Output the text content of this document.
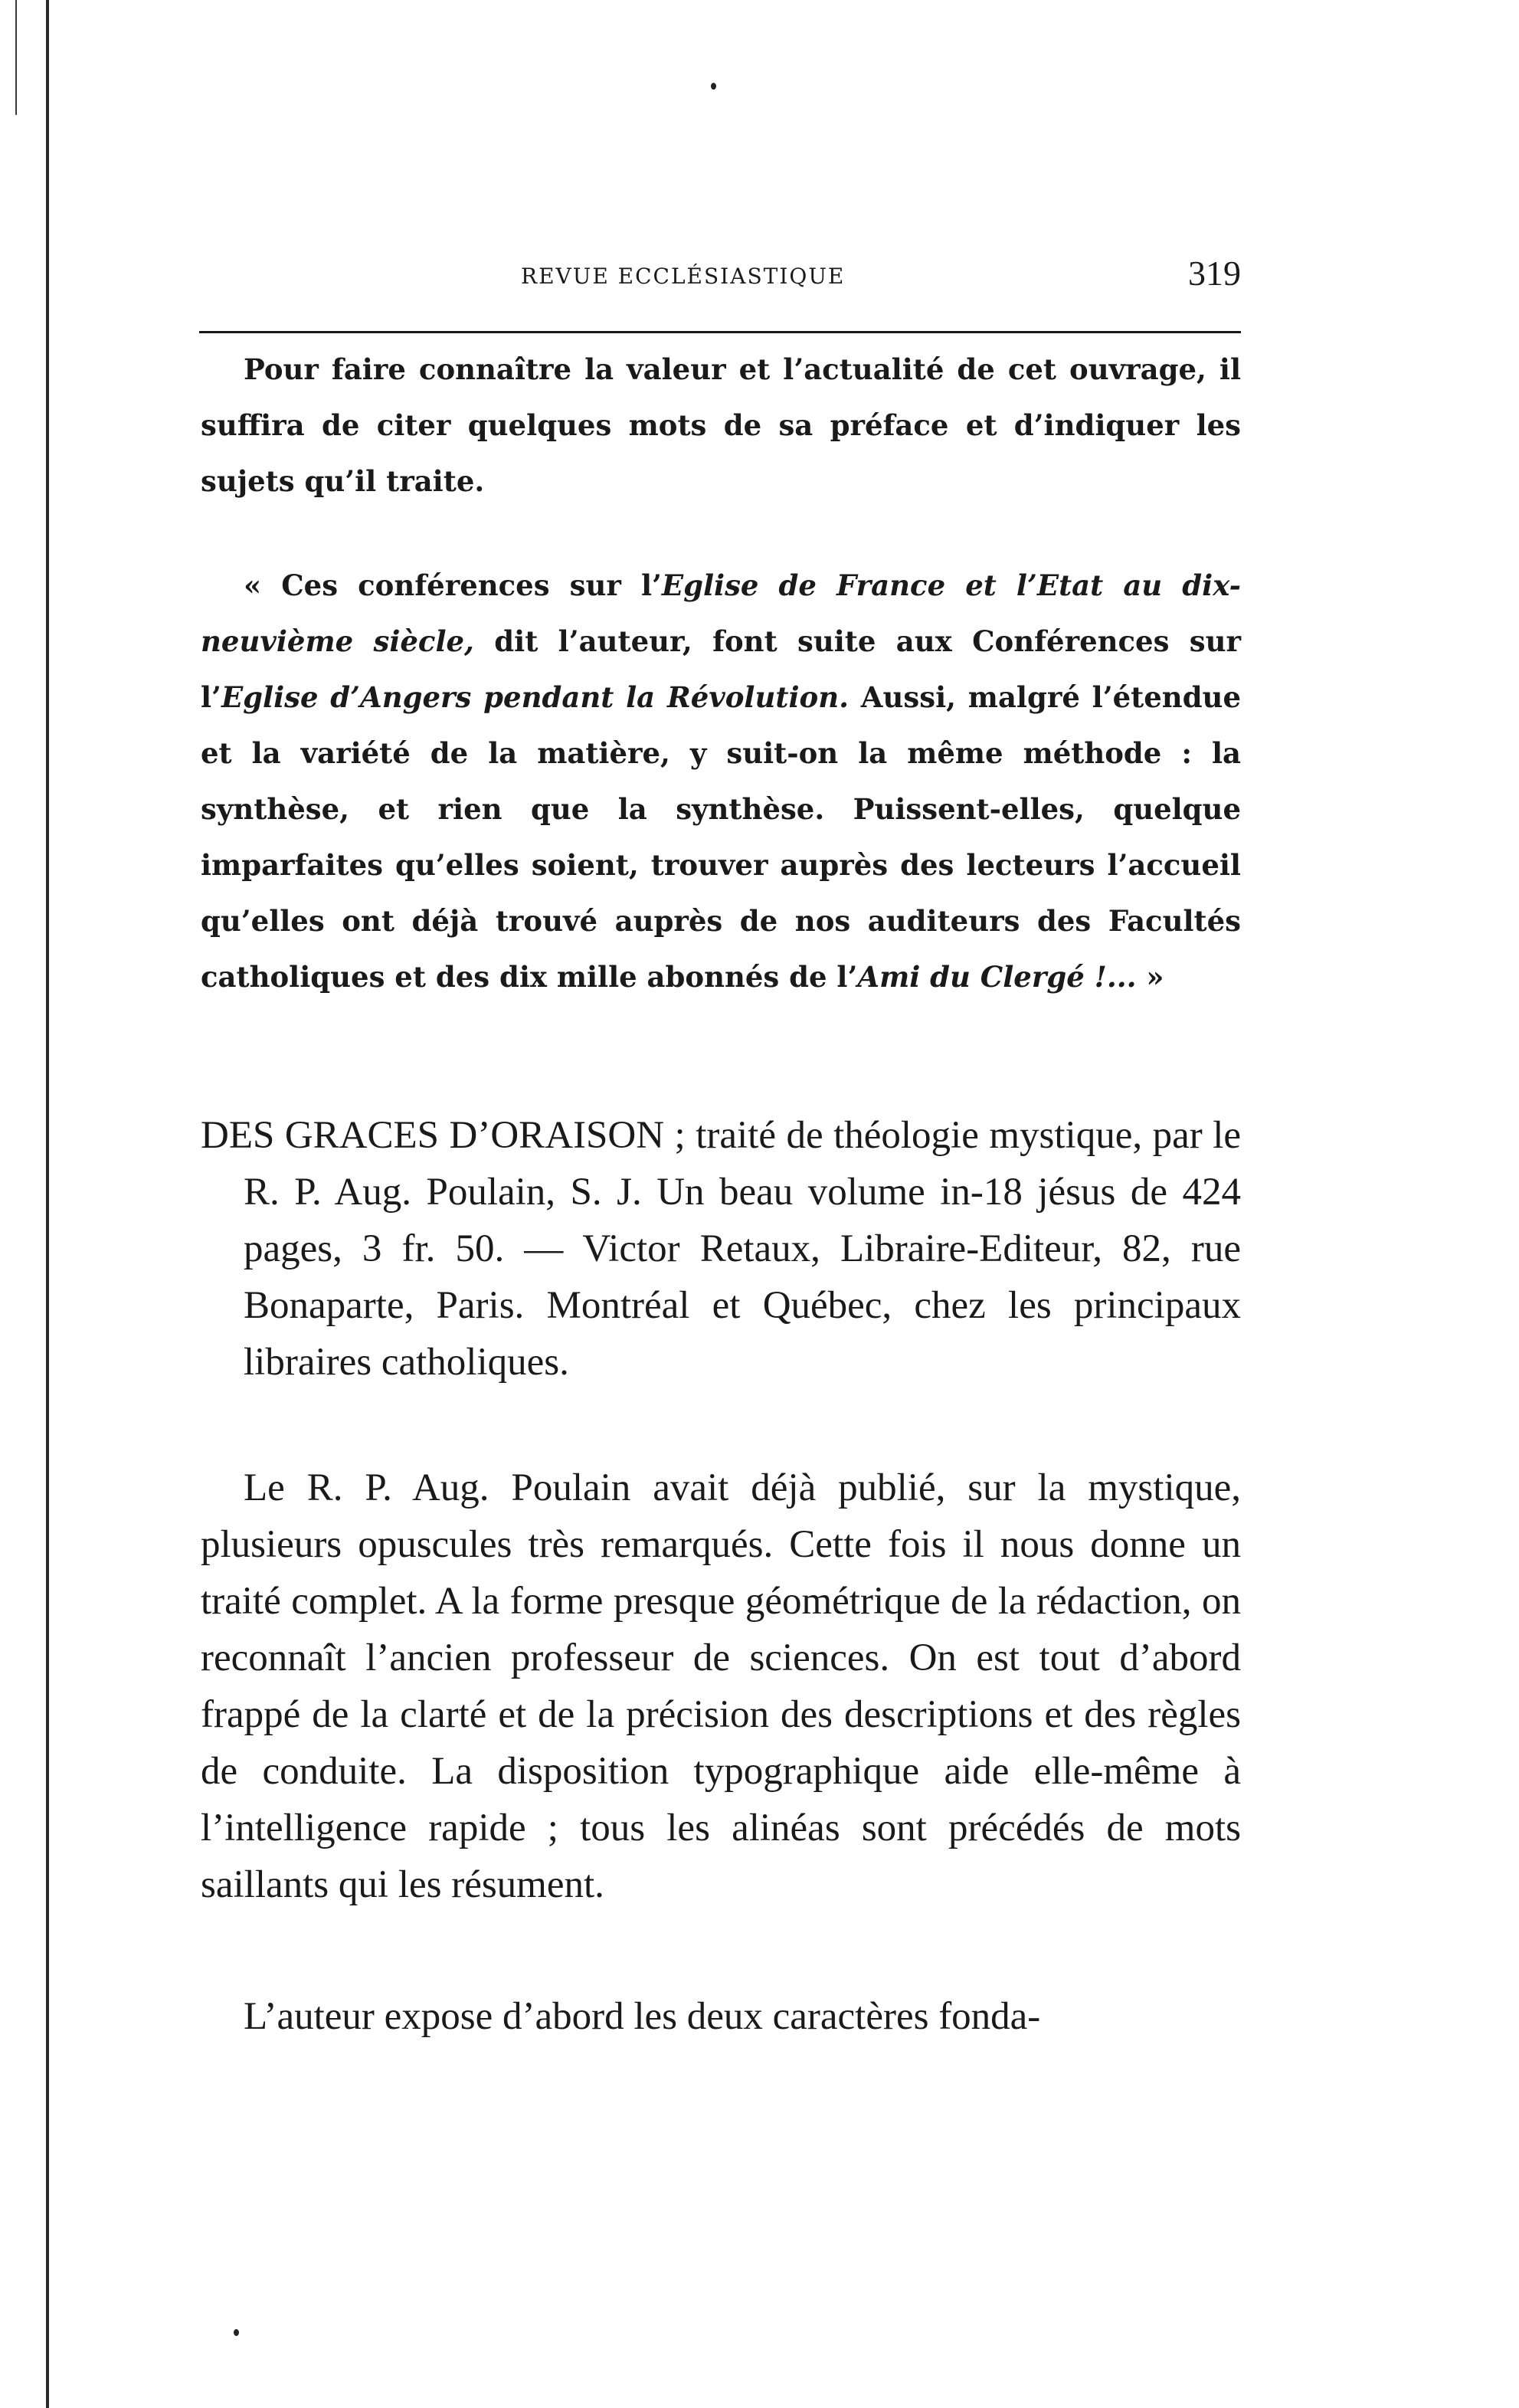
REVUE ECCLÉSIASTIQUE	319

Pour faire connaître la valeur et l’actualité de cet ouvrage, il suffira de citer quelques mots de sa préface et d’indiquer les sujets qu’il traite.

« Ces conférences sur l’Eglise de France et l’Etat au dix-neuvième siècle, dit l’auteur, font suite aux Conférences sur l’Eglise d’Angers pendant la Révolution. Aussi, malgré l’étendue et la variété de la matière, y suit-on la même méthode : la synthèse, et rien que la synthèse. Puissent-elles, quelque imparfaites qu’elles soient, trouver auprès des lecteurs l’accueil qu’elles ont déjà trouvé auprès de nos auditeurs des Facultés catholiques et des dix mille abonnés de l’Ami du Clergé !... »

DES GRACES D’ORAISON ; traité de théologie mystique, par le R. P. Aug. Poulain, S. J. Un beau volume in-18 jésus de 424 pages, 3 fr. 50. — Victor Retaux, Libraire-Editeur, 82, rue Bonaparte, Paris. Montréal et Québec, chez les principaux libraires catholiques.

Le R. P. Aug. Poulain avait déjà publié, sur la mystique, plusieurs opuscules très remarqués. Cette fois il nous donne un traité complet. A la forme presque géométrique de la rédaction, on reconnaît l’ancien professeur de sciences. On est tout d’abord frappé de la clarté et de la précision des descriptions et des règles de conduite. La disposition typographique aide elle-même à l’intelligence rapide ; tous les alinéas sont précédés de mots saillants qui les résument.

L’auteur expose d’abord les deux caractères fonda-
